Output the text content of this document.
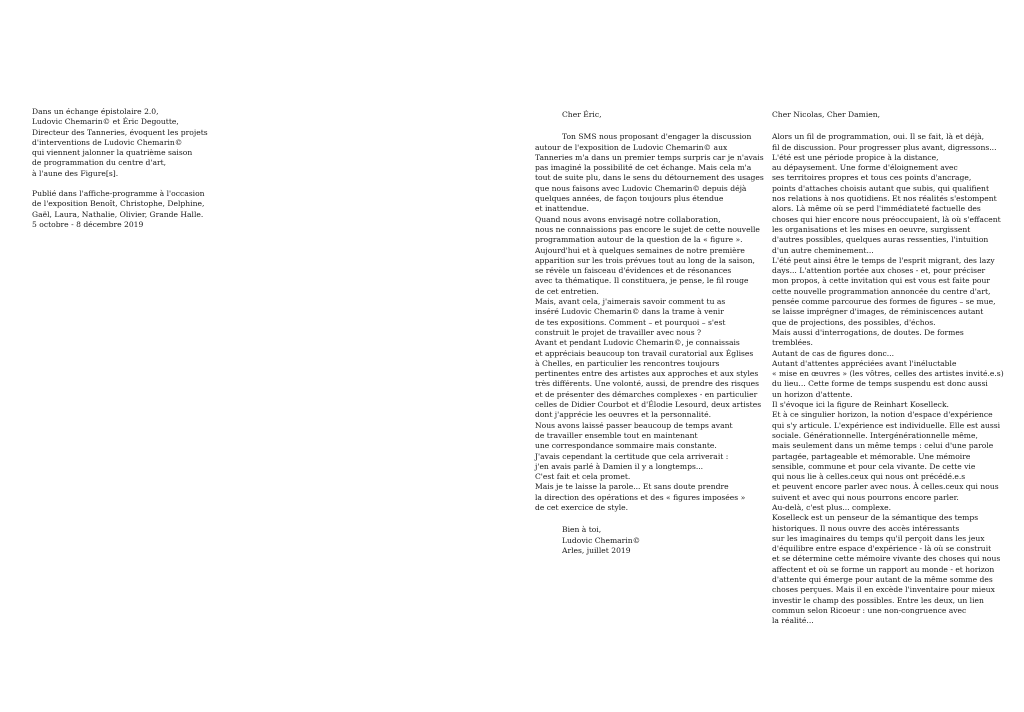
Dans un échange épistolaire 2.0,
Ludovic Chemarin© et Éric Degoutte,
Directeur des Tanneries, évoquent les projets
d'interventions de Ludovic Chemarin©
qui viennent jalonner la quatrième saison
de programmation du centre d'art,
à l'aune des Figure[s].
Publié dans l'affiche-programme à l'occasion
de l'exposition Benoît, Christophe, Delphine,
Gaël, Laura, Nathalie, Olivier, Grande Halle.
5 octobre - 8 décembre 2019
Cher Éric,
Ton SMS nous proposant d'engager la discussion
autour de l'exposition de Ludovic Chemarin© aux
Tanneries m'a dans un premier temps surpris car je n'avais
pas imaginé la possibilité de cet échange. Mais cela m'a
tout de suite plu, dans le sens du détournement des usages
que nous faisons avec Ludovic Chemarin© depuis déjà
quelques années, de façon toujours plus étendue
et inattendue.
Quand nous avons envisagé notre collaboration,
nous ne connaissions pas encore le sujet de cette nouvelle
programmation autour de la question de la « figure ».
Aujourd'hui et à quelques semaines de notre première
apparition sur les trois prévues tout au long de la saison,
se révèle un faisceau d'évidences et de résonances
avec ta thématique. Il constituera, je pense, le fil rouge
de cet entretien.
Mais, avant cela, j'aimerais savoir comment tu as
inséré Ludovic Chemarin© dans la trame à venir
de tes expositions. Comment – et pourquoi – s'est
construit le projet de travailler avec nous ?
Avant et pendant Ludovic Chemarin©, je connaissais
et appréciais beaucoup ton travail curatorial aux Églises
à Chelles, en particulier les rencontres toujours
pertinentes entre des artistes aux approches et aux styles
très différents. Une volonté, aussi, de prendre des risques
et de présenter des démarches complexes - en particulier
celles de Didier Courbot et d'Élodie Lesourd, deux artistes
dont j'apprécie les oeuvres et la personnalité.
Nous avons laissé passer beaucoup de temps avant
de travailler ensemble tout en maintenant
une correspondance sommaire mais constante.
J'avais cependant la certitude que cela arriverait :
j'en avais parlé à Damien il y a longtemps...
C'est fait et cela promet.
Mais je te laisse la parole... Et sans doute prendre
la direction des opérations et des « figures imposées »
de cet exercice de style.
Bien à toi,
Ludovic Chemarin©
Arles, juillet 2019
Cher Nicolas, Cher Damien,
Alors un fil de programmation, oui. Il se fait, là et déjà,
fil de discussion. Pour progresser plus avant, digressons...
L'été est une période propice à la distance,
au dépaysement. Une forme d'éloignement avec
ses territoires propres et tous ces points d'ancrage,
points d'attaches choisis autant que subis, qui qualifient
nos relations à nos quotidiens. Et nos réalités s'estompent
alors. Là même où se perd l'immédiateté factuelle des
choses qui hier encore nous préoccupaient, là où s'effacent
les organisations et les mises en oeuvre, surgissent
d'autres possibles, quelques auras ressenties, l'intuition
d'un autre cheminement...
L'été peut ainsi être le temps de l'esprit migrant, des lazy
days... L'attention portée aux choses - et, pour préciser
mon propos, à cette invitation qui est vous est faite pour
cette nouvelle programmation annoncée du centre d'art,
pensée comme parcourue des formes de figures – se mue,
se laisse imprégner d'images, de réminiscences autant
que de projections, des possibles, d'échos.
Mais aussi d'interrogations, de doutes. De formes
tremblées.
Autant de cas de figures donc...
Autant d'attentes appréciées avant l'inéluctable
« mise en œuvres » (les vôtres, celles des artistes invité.e.s)
du lieu... Cette forme de temps suspendu est donc aussi
un horizon d'attente.
Il s'évoque ici la figure de Reinhart Koselleck.
Et à ce singulier horizon, la notion d'espace d'expérience
qui s'y articule. L'expérience est individuelle. Elle est aussi
sociale. Générationnelle. Intergénérationnelle même,
mais seulement dans un même temps : celui d'une parole
partagée, partageable et mémorable. Une mémoire
sensible, commune et pour cela vivante. De cette vie
qui nous lie à celles.ceux qui nous ont précédé.e.s
et peuvent encore parler avec nous. À celles.ceux qui nous
suivent et avec qui nous pourrons encore parler.
Au-delà, c'est plus... complexe.
Koselleck est un penseur de la sémantique des temps
historiques. Il nous ouvre des accès intéressants
sur les imaginaires du temps qu'il perçoit dans les jeux
d'équilibre entre espace d'expérience - là où se construit
et se détermine cette mémoire vivante des choses qui nous
affectent et où se forme un rapport au monde - et horizon
d'attente qui émerge pour autant de la même somme des
choses perçues. Mais il en excède l'inventaire pour mieux
investir le champ des possibles. Entre les deux, un lien
commun selon Ricoeur : une non-congruence avec
la réalité...
